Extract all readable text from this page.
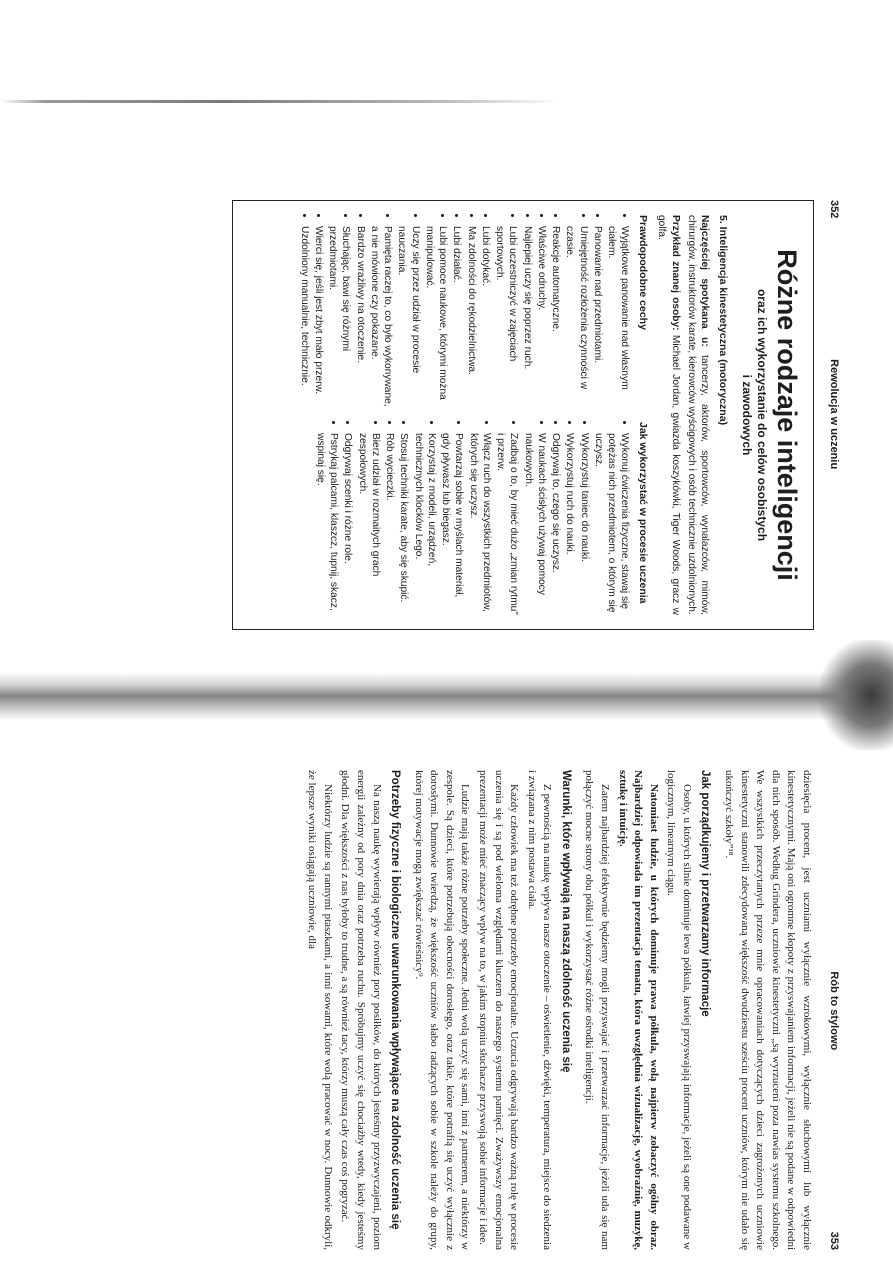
352
Rewolucja w uczeniu
Różne rodzaje inteligencji
oraz ich wykorzystanie do celów osobistych
i zawodowych
5. Inteligencja kinestetyczna (motoryczna)

Najczęściej spotykana u: tancerzy, aktorów, sportowców, wynalazców, mimów, chirurgów, instruktorów karate, kierowców wyścigowych i osób technicznie uzdolnionych.

Przykład znanej osoby: Michael Jordan, gwiazda koszykówki, Tiger Woods, gracz w golfa.

Prawdopodobne cechy
• Wyjątkowe panowanie nad własnym ciałem.
• Panowanie nad przedmiotami.
• Umiejętność rozłożenia czynności w czasie.
• Reakcje automatyczne.
• Właściwe odruchy.
• Najlepiej uczy się poprzez ruch.
• Lubi uczestniczyć w zajęciach sportowych.
• Lubi dotykać.
• Ma zdolności do rękodzielnictwa.
• Lubi działać.
• Lubi pomoce naukowe, którymi można manipulować.
• Uczy się przez udział w procesie nauczania.
• Pamięta raczej to, co było wykonywane, a nie mówione czy pokazane.
• Bardzo wrażliwy na otoczenie.
• Słuchając, bawi się różnymi przedmiotami.
• Wierci się, jeśli jest zbyt mało przerw.
• Uzdolniony manualnie, technicznie.
Jak wykorzystać w procesie uczenia
• Wykonuj ćwiczenia fizyczne, stawaj się potężas nich przedmiotem, o którym się uczysz.
• Wykorzystuj taniec do nauki.
• Wykorzystuj ruch do nauki.
• Odgrywaj to, czego się uczysz.
• W naukach ścisłych używaj pomocy naukowych.
• Zadbaj o to, by mieć dużo „zmian rytmu” i przerw.
• Włącz ruch do wszystkich przedmiotów, których się uczysz.
• Powtarzaj sobie w myślach materiał, gdy pływasz lub biegasz.
• Korzystaj z modeli, urządzeń, technicznych klocków Lego.
• Stosuj techniki karate, aby się skupić.
• Rób wycieczki.
• Bierz udział w rozmaitych grach zespołowych.
• Odgrywaj scenki i różne role.
• Pstrykaj palcami, klaszcz, tupnij, skacz, wspinaj się.
Rób to stylowo
353

dziesięcia procent, jest uczniami wyłącznie wzrokowymi, wyłącznie słuchowymi lub wyłącznie kinestetycznymi. Mają oni ogromne kłopoty z przyswajaniem informacji, jeżeli nie są podane w odpowiedni dla nich sposób. Według Grindera, uczniowie kinestetyczni „są wyrzuceni poza nawias systemu szkolnego. We wszystkich przeczytanych przeze mnie opracowaniach dotyczących dzieci zagrożonych uczniowie kinestetyczni stanowili zdecydowaną większość dwudziestu sześciu procent uczniów, którym nie udało się ukończyć szkoły”¹⁸.

Jak porządkujemy i przetwarzamy informacje

Osoby, u których silnie dominuje lewa półkula, łatwiej przyswajają informacje, jeżeli są one podawane w logicznym, linearnym ciągu.

Natomiast ludzie, u których dominuje prawa półkula, wolą najpierw zobaczyć ogólny obraz. Najbardziej odpowiada im prezentacja tematu, która uwzględnia wizualizację, wyobraźnię, muzykę, sztukę i intuicję.

Zatem najbardziej efektywnie będziemy mogli przyswajać i przetwarzać informacje, jeżeli uda się nam połączyć mocne strony obu półkul i wykorzystać różne ośrodki inteligencji.

Warunki, które wpływają na naszą zdolność uczenia się

Z pewnością na naukę wpływa nasze otoczenie – oświetlenie, dźwięki, temperatura, miejsce do siedzenia i związana z nim postawa ciała.

Każdy człowiek ma też odrębne potrzeby emocjonalne. Uczucia odgrywają bardzo ważną rolę w procesie uczenia się i są pod wieloma względami kluczem do naszego systemu pamięci. Zważywszy emocjonalna prezentacji może mieć znaczący wpływ na to, w jakim stopniu słuchacze przyswoją sobie informacje i idee.

Ludzie mają także różne potrzeby społeczne. Jedni wolą uczyć się sami, inni z partnerem, a niektórzy w zespole. Są dzieci, które potrzebują obecności dorosłego, oraz takie, które potrafią się uczyć wyłącznie z dorosłymi. Dunnowie twierdzą, że większość uczniów słabo radzących sobie w szkole należy do grupy, której motywacje mogą zwiększać rówieśnicy⁹.

Potrzeby fizyczne i biologiczne uwarunkowania wpływające na zdolność uczenia się

Na naszą naukę wywierają wpływ również pory posiłków, do których jesteśmy przyzwyczajeni, poziom energii zależny od pory dnia oraz potrzeba ruchu. Spróbujmy uczyć się chociażby wtedy, kiedy jesteśmy głodni. Dla większości z nas byłoby to trudne, a są również tacy, którzy muszą cały czas coś pogryzać.

Niektórzy ludzie są rannymi ptaszkami, a inni sowami, które wolą pracować w nocy. Dunnowie odkryli, że lepsze wyniki osiągają uczniowie, dla
